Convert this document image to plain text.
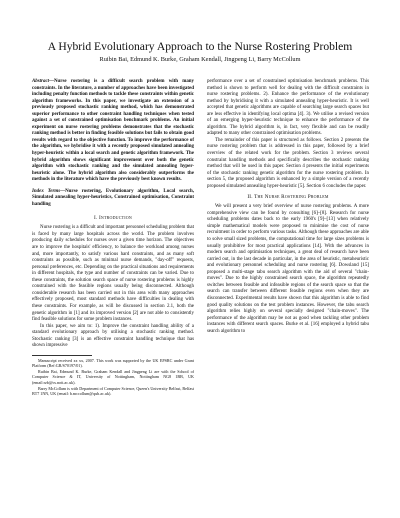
A Hybrid Evolutionary Approach to the Nurse Rostering Problem
Ruibin Bai, Edmund K. Burke, Graham Kendall, Jingpeng Li, Barry McCollum

Abstract—Nurse rostering is a difficult search problem with many constraints. In the literature, a number of approaches have been investigated including penalty function methods to tackle these constraints within genetic algorithm frameworks. In this paper, we investigate an extension of a previously proposed stochastic ranking method, which has demonstrated superior performance to other constraint handling techniques when tested against a set of constrained optimisation benchmark problems. An initial experiment on nurse rostering problems demonstrates that the stochastic ranking method is better in finding feasible solutions but fails to obtain good results with regard to the objective function. To improve the performance of the algorithm, we hybridise it with a recently proposed simulated annealing hyper-heuristic within a local search and genetic algorithm framework. The hybrid algorithm shows significant improvement over both the genetic algorithm with stochastic ranking and the simulated annealing hyper-heuristic alone. The hybrid algorithm also considerably outperforms the methods in the literature which have the previously best known results.

Index Terms—Nurse rostering, Evolutionary algorithm, Local search, Simulated annealing hyper-heuristics, Constrained optimisation, Constraint handling

I. Introduction

Nurse rostering is a difficult and important personnel scheduling problem that is faced by many large hospitals across the world. The problem involves producing daily schedules for nurses over a given time horizon. The objectives are to improve the hospitals' efficiency, to balance the workload among nurses and, more importantly, to satisfy various hard constraints, and as many soft constraints as possible, such as minimal nurse demands, "day-off" requests, personal preferences, etc. Depending on the practical situations and requirements in different hospitals, the type and number of constraints can be varied. Due to these constraints, the solution search space of nurse rostering problems is highly constrained with the feasible regions usually being disconnected. Although considerable research has been carried out in this area with many approaches effectively proposed, most standard methods have difficulties in dealing with these constraints. For example, as will be discussed in section 2.1, both the genetic algorithm in [1] and its improved version [2] are not able to consistently find feasible solutions for some problem instances.

In this paper, we aim to: 1). Improve the constraint handling ability of a standard evolutionary approach by utilising a stochastic ranking method. Stochastic ranking [3] is an effective constraint handling technique that has shown impressive

Manuscript received xx xx, 2007. This work was supported by the UK EPSRC under Grant Platform (Ref:GR/S70197/01).

Ruibin Bai, Edmund K. Burke, Graham Kendall and Jingpeng Li are with the School of Computer Science & IT, University of Nottingham, Nottingham NG8 1BB, UK (email:rzb@cs.nott.ac.uk).

Barry McCollum is with Department of Computer Science, Queen's University Belfast, Belfast BT7 1NN, UK (email: b.mccollum@qub.ac.uk).

performance over a set of constrained optimisation benchmark problems. This method is shown to perform well for dealing with the difficult constraints in nurse rostering problems. 2). Enhance the performance of the evolutionary method by hybridising it with a simulated annealing hyper-heuristic. It is well accepted that genetic algorithms are capable of searching large search spaces but are less effective in identifying local optima [4]. 3). We utilise a revised version of an emerging hyper-heuristic technique to enhance the performance of the algorithm. The hybrid algorithm is, in fact, very flexible and can be readily adapted to many other constrained optimisation problems.

The remainder of this paper is structured as follows. Section 2 presents the nurse rostering problem that is addressed in this paper, followed by a brief overview of the related work for the problem. Section 3 reviews several constraint handling methods and specifically describes the stochastic ranking method that will be used in this paper. Section 4 presents the initial experiments of the stochastic ranking genetic algorithm for the nurse rostering problem. In section 5, the proposed algorithm is enhanced by a simple version of a recently proposed simulated annealing hyper-heuristic [5]. Section 6 concludes the paper.

II. The Nurse Rostering Problem

We will present a very brief overview of nurse rostering problems. A more comprehensive view can be found by consulting [6]–[8]. Research for nurse scheduling problems dates back to the early 1960's [9]–[13] when relatively simple mathematical models were proposed to minimise the cost of nurse recruitment in order to perform various tasks. Although these approaches are able to solve small sized problems, the computational time for large sizes problems is usually prohibitive for most practical applications [14]. With the advances in modern search and optimisation techniques, a great deal of research have been carried out, in the last decade in particular, in the area of heuristic, metaheuristic and evolutionary personnel scheduling and nurse rostering [6]. Dowsland [15] proposed a multi-stage tabu search algorithm with the aid of several "chain-moves". Due to the highly constrained search space, the algorithm repeatedly switches between feasible and infeasible regions of the search space so that the search can transfer between different feasible regions even when they are disconnected. Experimental results have shown that this algorithm is able to find good quality solutions on the test problem instances. However, the tabu search algorithm relies highly on several specially designed "chain-moves". The performance of the algorithm may be not as good when tackling other problem instances with different search spaces. Burke et al. [16] employed a hybrid tabu search algorithm to
